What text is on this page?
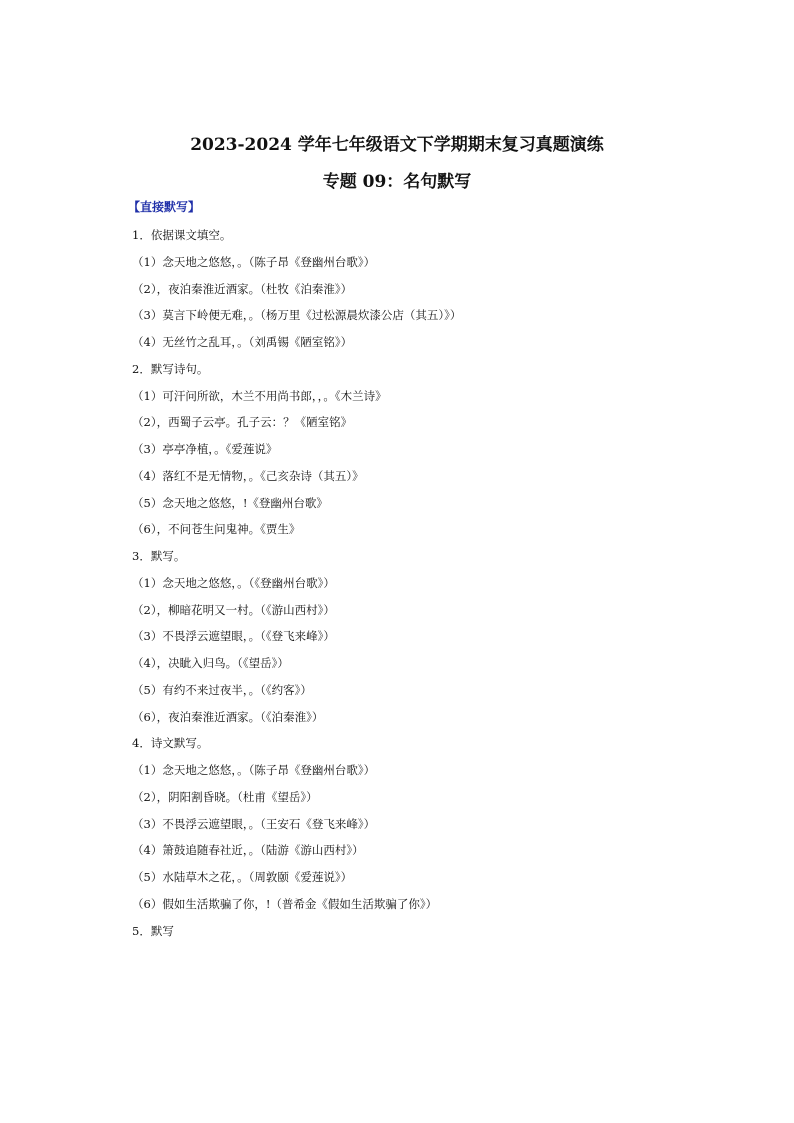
2023-2024 学年七年级语文下学期期末复习真题演练
专题 09：名句默写
【直接默写】
1．依据课文填空。
（1）念天地之悠悠，。（陈子昂《登幽州台歌》）
（2），夜泊秦淮近酒家。（杜牧《泊秦淮》）
（3）莫言下岭便无难，。（杨万里《过松源晨炊漆公店（其五）》）
（4）无丝竹之乱耳，。（刘禹锡《陋室铭》）
2．默写诗句。
（1）可汗问所欲，木兰不用尚书郎，，。《木兰诗》
（2），西蜀子云亭。孔子云：？《陋室铭》
（3）亭亭净植，。《爱莲说》
（4）落红不是无情物，。《己亥杂诗（其五）》
（5）念天地之悠悠，!《登幽州台歌》
（6），不问苍生问鬼神。《贾生》
3．默写。
（1）念天地之悠悠，。（《登幽州台歌》）
（2），柳暗花明又一村。（《游山西村》）
（3）不畏浮云遮望眼，。（《登飞来峰》）
（4），决眦入归鸟。（《望岳》）
（5）有约不来过夜半，。（《约客》）
（6），夜泊秦淮近酒家。（《泊秦淮》）
4．诗文默写。
（1）念天地之悠悠，。（陈子昂《登幽州台歌》）
（2），阴阳割昏晓。（杜甫《望岳》）
（3）不畏浮云遮望眼，。（王安石《登飞来峰》）
（4）箫鼓追随春社近，。（陆游《游山西村》）
（5）水陆草木之花，。（周敦颐《爱莲说》）
（6）假如生活欺骗了你，!（普希金《假如生活欺骗了你》）
5．默写
